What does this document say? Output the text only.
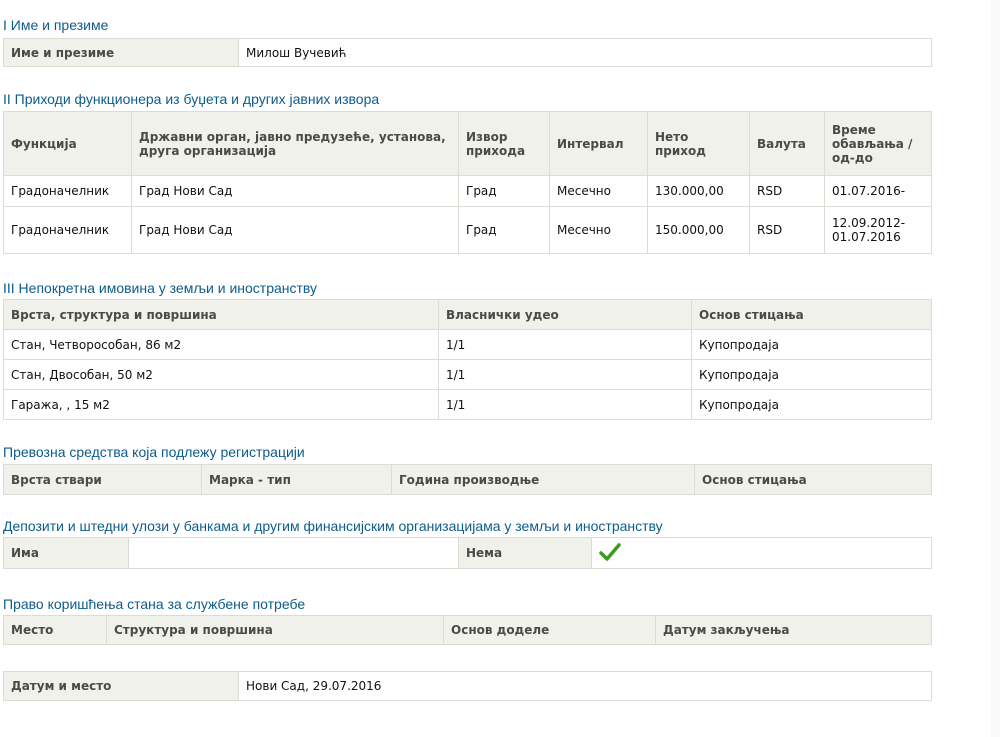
I Име и презиме
Име и презиме	Милош Вучевић
II Приходи функционера из буџета и других јавних извора
Функција	Државни орган, јавно предузеће, установа, друга организација	Извор прихода	Интервал	Нето приход	Валута	Време обављања / од-до
Градоначелник	Град Нови Сад	Град	Месечно	130.000,00	RSD	01.07.2016-
Градоначелник	Град Нови Сад	Град	Месечно	150.000,00	RSD	12.09.2012-01.07.2016
III Непокретна имовина у земљи и иностранству
Врста, структура и површина	Власнички удео	Основ стицања
Стан, Четворособан, 86 м2	1/1	Купопродаја
Стан, Двособан, 50 м2	1/1	Купопродаја
Гаража, , 15 м2	1/1	Купопродаја
Превозна средства која подлежу регистрацији
Врста ствари	Марка - тип	Година производње	Основ стицања
Депозити и штедни улози у банкама и другим финансијским организацијама у земљи и иностранству
Има		Нема	
Право коришћења стана за службене потребе
Место	Структура и површина	Основ доделе	Датум закључења
Датум и место	Нови Сад, 29.07.2016
